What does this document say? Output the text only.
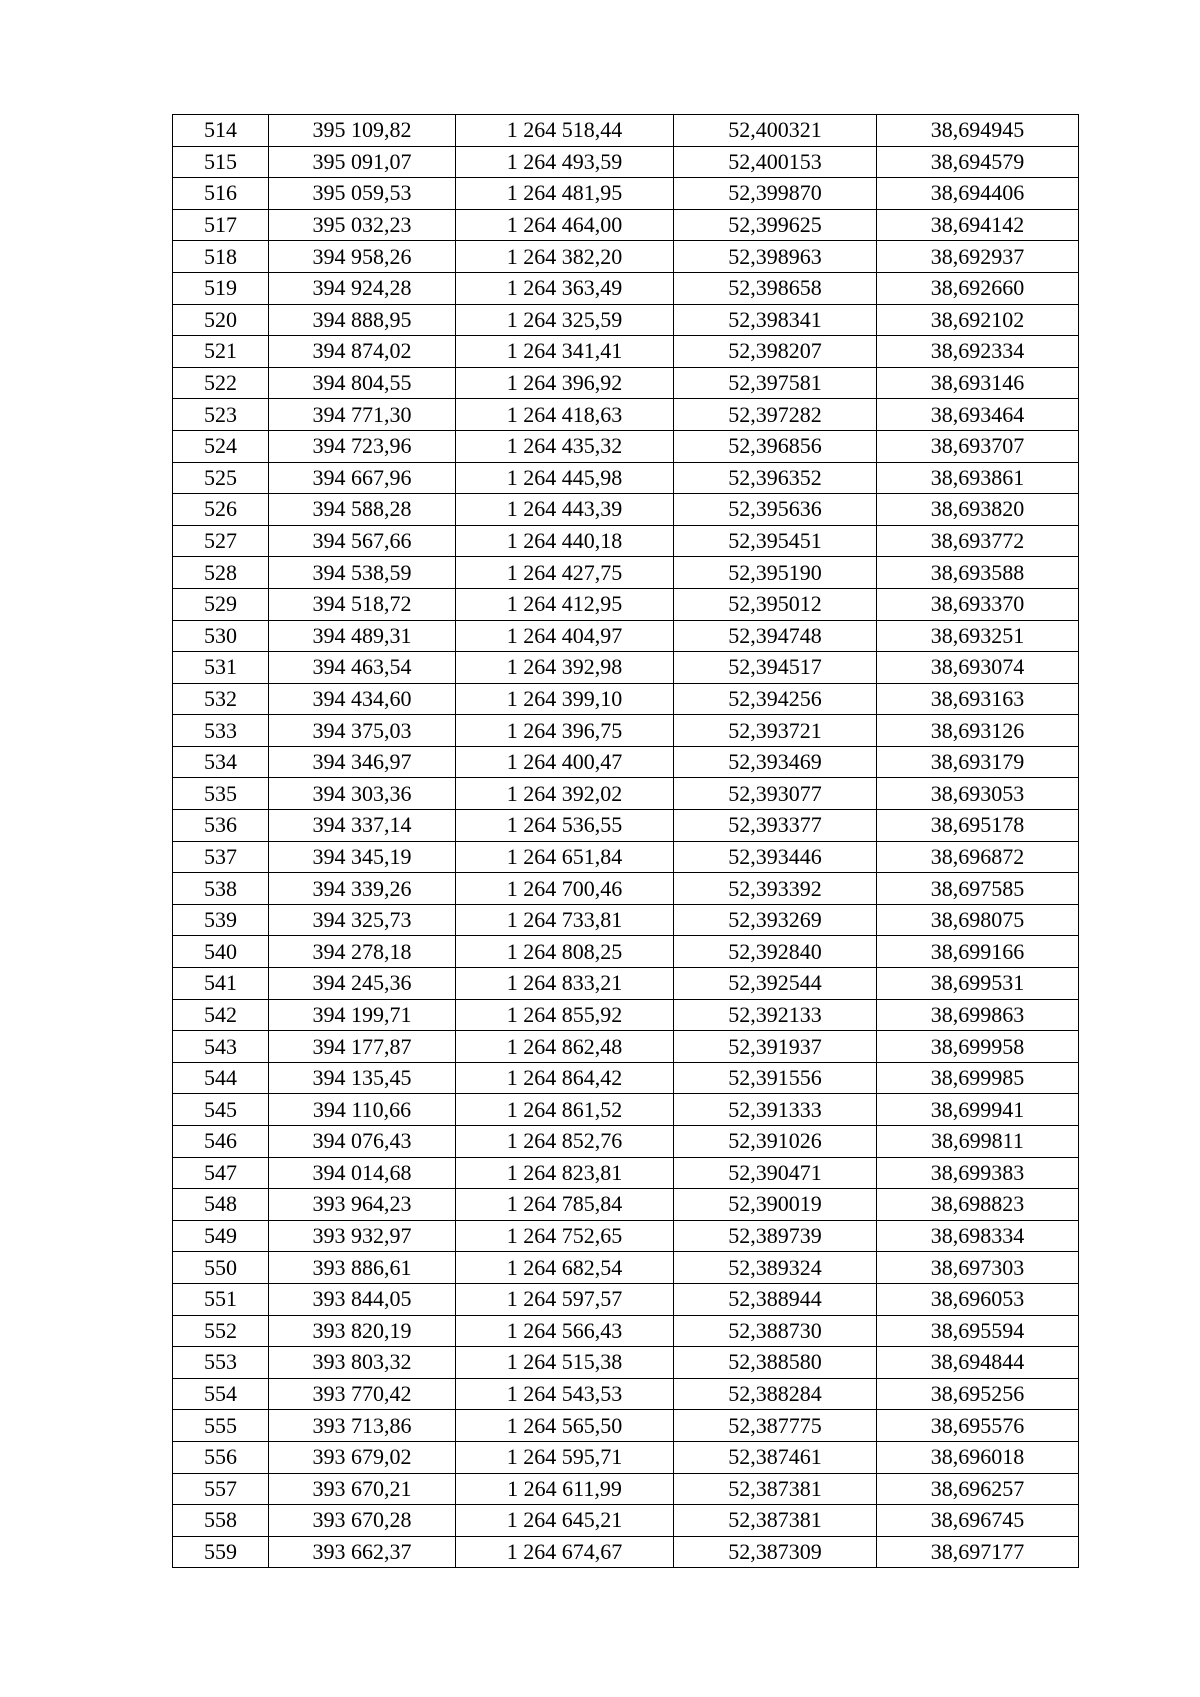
514	395 109,82	1 264 518,44	52,400321	38,694945
515	395 091,07	1 264 493,59	52,400153	38,694579
516	395 059,53	1 264 481,95	52,399870	38,694406
517	395 032,23	1 264 464,00	52,399625	38,694142
518	394 958,26	1 264 382,20	52,398963	38,692937
519	394 924,28	1 264 363,49	52,398658	38,692660
520	394 888,95	1 264 325,59	52,398341	38,692102
521	394 874,02	1 264 341,41	52,398207	38,692334
522	394 804,55	1 264 396,92	52,397581	38,693146
523	394 771,30	1 264 418,63	52,397282	38,693464
524	394 723,96	1 264 435,32	52,396856	38,693707
525	394 667,96	1 264 445,98	52,396352	38,693861
526	394 588,28	1 264 443,39	52,395636	38,693820
527	394 567,66	1 264 440,18	52,395451	38,693772
528	394 538,59	1 264 427,75	52,395190	38,693588
529	394 518,72	1 264 412,95	52,395012	38,693370
530	394 489,31	1 264 404,97	52,394748	38,693251
531	394 463,54	1 264 392,98	52,394517	38,693074
532	394 434,60	1 264 399,10	52,394256	38,693163
533	394 375,03	1 264 396,75	52,393721	38,693126
534	394 346,97	1 264 400,47	52,393469	38,693179
535	394 303,36	1 264 392,02	52,393077	38,693053
536	394 337,14	1 264 536,55	52,393377	38,695178
537	394 345,19	1 264 651,84	52,393446	38,696872
538	394 339,26	1 264 700,46	52,393392	38,697585
539	394 325,73	1 264 733,81	52,393269	38,698075
540	394 278,18	1 264 808,25	52,392840	38,699166
541	394 245,36	1 264 833,21	52,392544	38,699531
542	394 199,71	1 264 855,92	52,392133	38,699863
543	394 177,87	1 264 862,48	52,391937	38,699958
544	394 135,45	1 264 864,42	52,391556	38,699985
545	394 110,66	1 264 861,52	52,391333	38,699941
546	394 076,43	1 264 852,76	52,391026	38,699811
547	394 014,68	1 264 823,81	52,390471	38,699383
548	393 964,23	1 264 785,84	52,390019	38,698823
549	393 932,97	1 264 752,65	52,389739	38,698334
550	393 886,61	1 264 682,54	52,389324	38,697303
551	393 844,05	1 264 597,57	52,388944	38,696053
552	393 820,19	1 264 566,43	52,388730	38,695594
553	393 803,32	1 264 515,38	52,388580	38,694844
554	393 770,42	1 264 543,53	52,388284	38,695256
555	393 713,86	1 264 565,50	52,387775	38,695576
556	393 679,02	1 264 595,71	52,387461	38,696018
557	393 670,21	1 264 611,99	52,387381	38,696257
558	393 670,28	1 264 645,21	52,387381	38,696745
559	393 662,37	1 264 674,67	52,387309	38,697177
